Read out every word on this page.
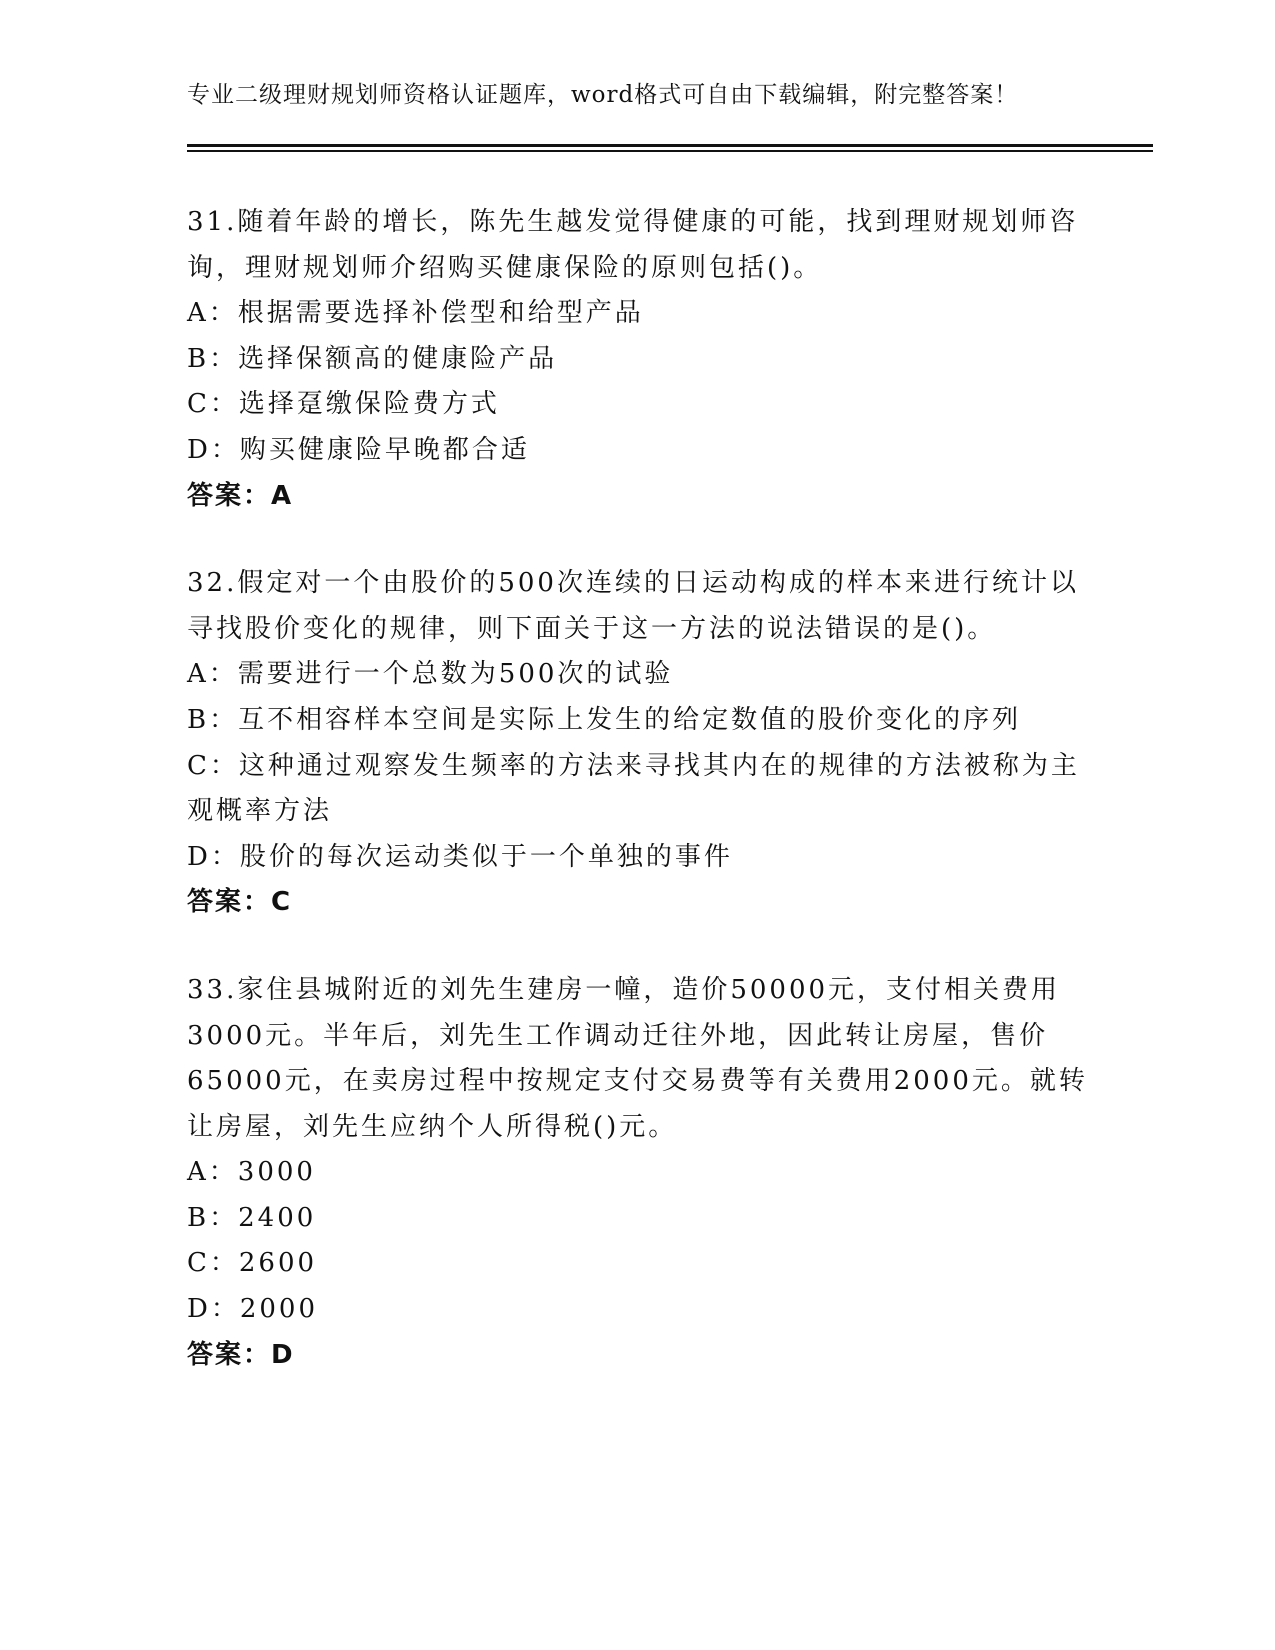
专业二级理财规划师资格认证题库，word格式可自由下载编辑，附完整答案！
31.随着年龄的增长，陈先生越发觉得健康的可能，找到理财规划师咨
询，理财规划师介绍购买健康保险的原则包括()。
A：根据需要选择补偿型和给型产品
B：选择保额高的健康险产品
C：选择趸缴保险费方式
D：购买健康险早晚都合适
答案：A
32.假定对一个由股价的500次连续的日运动构成的样本来进行统计以
寻找股价变化的规律，则下面关于这一方法的说法错误的是()。
A：需要进行一个总数为500次的试验
B：互不相容样本空间是实际上发生的给定数值的股价变化的序列
C：这种通过观察发生频率的方法来寻找其内在的规律的方法被称为主
观概率方法
D：股价的每次运动类似于一个单独的事件
答案：C
33.家住县城附近的刘先生建房一幢，造价50000元，支付相关费用
3000元。半年后，刘先生工作调动迁往外地，因此转让房屋，售价
65000元，在卖房过程中按规定支付交易费等有关费用2000元。就转
让房屋，刘先生应纳个人所得税()元。
A：3000
B：2400
C：2600
D：2000
答案：D
